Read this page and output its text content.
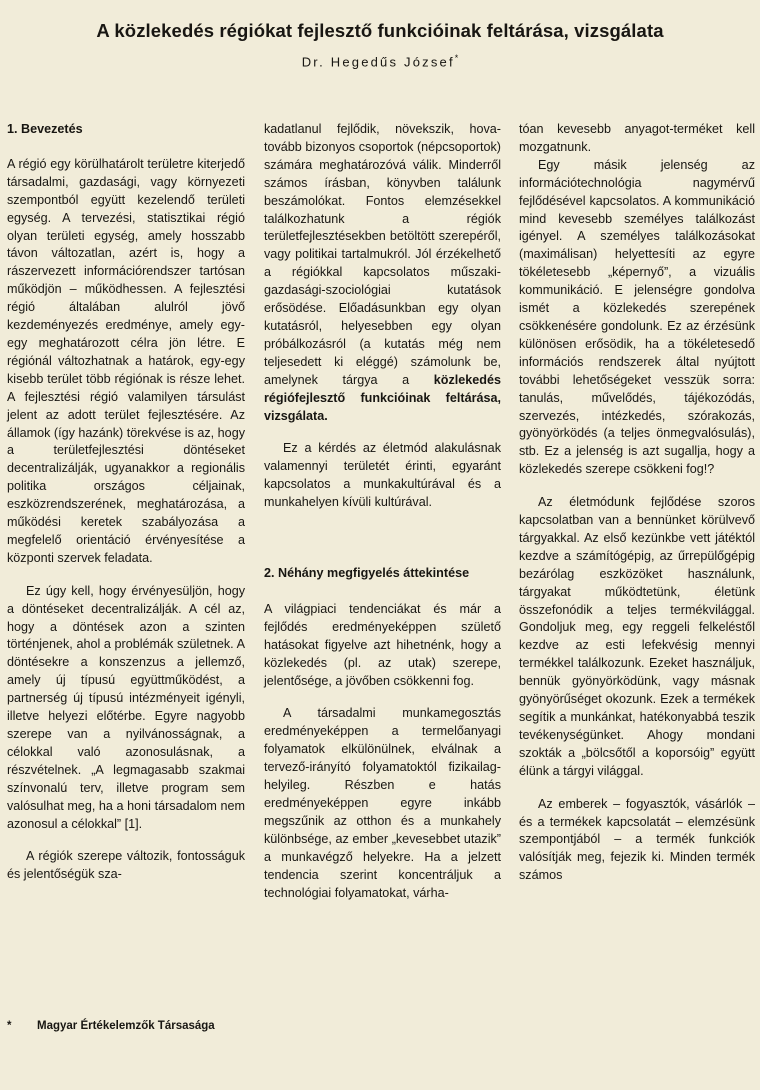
A közlekedés régiókat fejlesztő funkcióinak feltárása, vizsgálata
Dr. Hegedűs József*

1. Bevezetés

A régió egy körülhatárolt területre kiterjedő társadalmi, gazdasági, vagy környezeti szempontból együtt kezelendő területi egység. A tervezési, statisztikai régió olyan területi egység, amely hosszabb távon változatlan, azért is, hogy a rászervezett információrendszer tartósan működjön – működhessen. A fejlesztési régió általában alulról jövő kezdeményezés eredménye, amely egy-egy meghatározott célra jön létre. E régiónál változhatnak a határok, egy-egy kisebb terület több régiónak is része lehet. A fejlesztési régió valamilyen társulást jelent az adott terület fejlesztésére. Az államok (így hazánk) törekvése is az, hogy a területfejlesztési döntéseket decentralizálják, ugyanakkor a regionális politika országos céljainak, eszközrendszerének, meghatározása, a működési keretek szabályozása a megfelelő orientáció érvényesítése a központi szervek feladata.

Ez úgy kell, hogy érvényesüljön, hogy a döntéseket decentralizálják. A cél az, hogy a döntések azon a szinten történjenek, ahol a problémák születnek. A döntésekre a konszenzus a jellemző, amely új típusú együttműködést, a partnerség új típusú intézményeit igényli, illetve helyezi előtérbe. Egyre nagyobb szerepe van a nyilvánosságnak, a célokkal való azonosulásnak, a részvételnek. „A legmagasabb szakmai színvonalú terv, illetve program sem valósulhat meg, ha a honi társadalom nem azonosul a célokkal” [1].

A régiók szerepe változik, fontosságuk és jelentőségük sza-

kadatlanul fejlődik, növekszik, hova-tovább bizonyos csoportok (népcsoportok) számára meghatározóvá válik. Minderről számos írásban, könyvben találunk beszámolókat. Fontos elemzésekkel találkozhatunk a régiók területfejlesztésekben betöltött szerepéről, vagy politikai tartalmukról. Jól érzékelhető a régiókkal kapcsolatos műszaki-gazdasági-szociológiai kutatások erősödése. Előadásunkban egy olyan kutatásról, helyesebben egy olyan próbálkozásról (a kutatás még nem teljesedett ki eléggé) számolunk be, amelynek tárgya a közlekedés régiófejlesztő funkcióinak feltárása, vizsgálata.

Ez a kérdés az életmód alakulásnak valamennyi területét érinti, egyaránt kapcsolatos a munkakultúrával és a munkahelyen kívüli kultúrával.

2. Néhány megfigyelés áttekintése

A világpiaci tendenciákat és már a fejlődés eredményeképpen születő hatásokat figyelve azt hihetnénk, hogy a közlekedés (pl. az utak) szerepe, jelentősége, a jövőben csökkenni fog.

A társadalmi munkamegosztás eredményeképpen a termelőanyagi folyamatok elkülönülnek, elválnak a tervező-irányító folyamatoktól fizikailag-helyileg. Részben e hatás eredményeképpen egyre inkább megszűnik az otthon és a munkahely különbsége, az ember „kevesebbet utazik” a munkavégző helyekre. Ha a jelzett tendencia szerint koncentráljuk a technológiai folyamatokat, várha-

tóan kevesebb anyagot-terméket kell mozgatnunk.

Egy másik jelenség az információtechnológia nagymérvű fejlődésével kapcsolatos. A kommunikáció mind kevesebb személyes találkozást igényel. A személyes találkozásokat (maximálisan) helyettesíti az egyre tökéletesebb „képernyő”, a vizuális kommunikáció. E jelenségre gondolva ismét a közlekedés szerepének csökkenésére gondolunk. Ez az érzésünk különösen erősödik, ha a tökéletesedő információs rendszerek által nyújtott további lehetőségeket vesszük sorra: tanulás, művelődés, tájékozódás, szervezés, intézkedés, szórakozás, gyönyörködés (a teljes önmegvalósulás), stb. Ez a jelenség is azt sugallja, hogy a közlekedés szerepe csökkeni fog!?

Az életmódunk fejlődése szoros kapcsolatban van a bennünket körülvevő tárgyakkal. Az első kezünkbe vett játéktól kezdve a számítógépig, az űrrepülőgépig bezárólag eszközöket használunk, tárgyakat működtetünk, életünk összefonódik a teljes termékvilággal. Gondoljuk meg, egy reggeli felkeléstől kezdve az esti lefekvésig mennyi termékkel találkozunk. Ezeket használjuk, bennük gyönyörködünk, vagy másnak gyönyörűséget okozunk. Ezek a termékek segítik a munkánkat, hatékonyabbá teszik tevékenységünket. Ahogy mondani szokták a „bölcsőtől a koporsóig” együtt élünk a tárgyi világgal.

Az emberek – fogyasztók, vásárlók – és a termékek kapcsolatát – elemzésünk szempontjából – a termék funkciók valósítják meg, fejezik ki. Minden termék számos

* Magyar Értékelemzők Társasága
